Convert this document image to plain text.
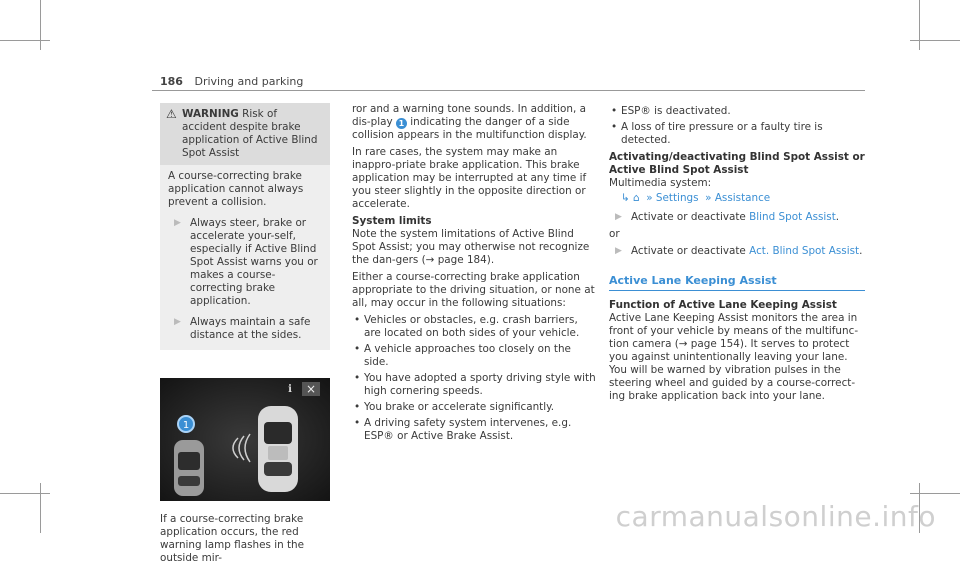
186 Driving and parking
⚠ WARNING Risk of accident despite brake application of Active Blind Spot Assist
A course-correcting brake application cannot always prevent a collision.
▶ Always steer, brake or accelerate your-self, especially if Active Blind Spot Assist warns you or makes a course-correcting brake application.
▶ Always maintain a safe distance at the sides.
1
i ×
If a course-correcting brake application occurs, the red warning lamp flashes in the outside mir-

ror and a warning tone sounds. In addition, a dis-play 1 indicating the danger of a side collision appears in the multifunction display.

In rare cases, the system may make an inappro-priate brake application. This brake application may be interrupted at any time if you steer slightly in the opposite direction or accelerate.

System limits

Note the system limitations of Active Blind Spot Assist; you may otherwise not recognize the dan-gers (→ page 184).

Either a course-correcting brake application appropriate to the driving situation, or none at all, may occur in the following situations:

• Vehicles or obstacles, e.g. crash barriers, are located on both sides of your vehicle.
• A vehicle approaches too closely on the side.
• You have adopted a sporty driving style with high cornering speeds.
• You brake or accelerate significantly.
• A driving safety system intervenes, e.g. ESP® or Active Brake Assist.
• ESP® is deactivated.
• A loss of tire pressure or a faulty tire is detected.
Activating/deactivating Blind Spot Assist or Active Blind Spot Assist
Multimedia system:
↳ ⌂ » Settings » Assistance
▶ Activate or deactivate Blind Spot Assist.
or
▶ Activate or deactivate Act. Blind Spot Assist.
Active Lane Keeping Assist
Function of Active Lane Keeping Assist

Active Lane Keeping Assist monitors the area in front of your vehicle by means of the multifunc-tion camera (→ page 154). It serves to protect you against unintentionally leaving your lane. You will be warned by vibration pulses in the steering wheel and guided by a course-correct-ing brake application back into your lane.

carmanualsonline.info
